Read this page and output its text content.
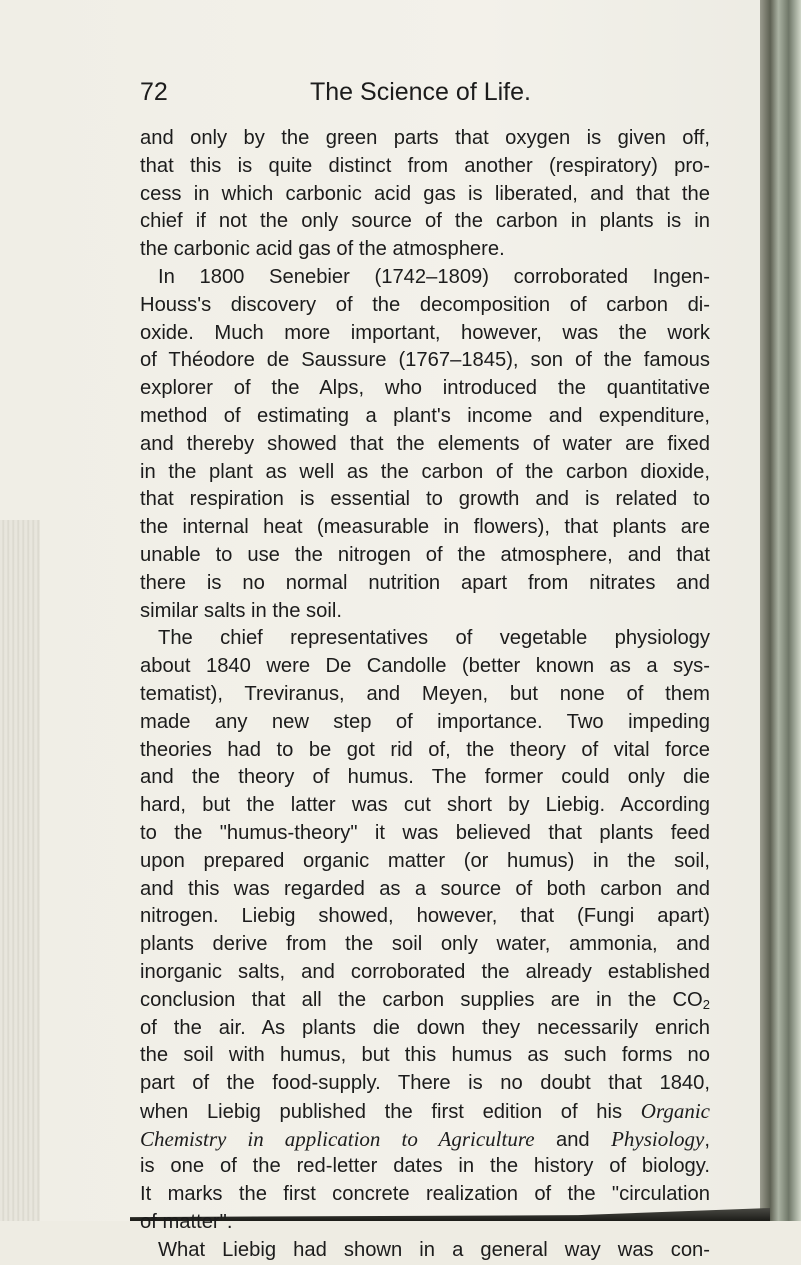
72	The Science of Life.
and only by the green parts that oxygen is given off,
that this is quite distinct from another (respiratory) pro-
cess in which carbonic acid gas is liberated, and that the
chief if not the only source of the carbon in plants is in
the carbonic acid gas of the atmosphere.
In 1800 Senebier (1742–1809) corroborated Ingen-
Houss's discovery of the decomposition of carbon di-
oxide. Much more important, however, was the work
of Théodore de Saussure (1767–1845), son of the famous
explorer of the Alps, who introduced the quantitative
method of estimating a plant's income and expenditure,
and thereby showed that the elements of water are fixed
in the plant as well as the carbon of the carbon dioxide,
that respiration is essential to growth and is related to
the internal heat (measurable in flowers), that plants are
unable to use the nitrogen of the atmosphere, and that
there is no normal nutrition apart from nitrates and
similar salts in the soil.
The chief representatives of vegetable physiology
about 1840 were De Candolle (better known as a sys-
tematist), Treviranus, and Meyen, but none of them
made any new step of importance. Two impeding
theories had to be got rid of, the theory of vital force
and the theory of humus. The former could only die
hard, but the latter was cut short by Liebig. According
to the "humus-theory" it was believed that plants feed
upon prepared organic matter (or humus) in the soil,
and this was regarded as a source of both carbon and
nitrogen. Liebig showed, however, that (Fungi apart)
plants derive from the soil only water, ammonia, and
inorganic salts, and corroborated the already established
conclusion that all the carbon supplies are in the $CO_2$
of the air. As plants die down they necessarily enrich
the soil with humus, but this humus as such forms no
part of the food-supply. There is no doubt that 1840,
when Liebig published the first edition of his Organic
Chemistry in application to Agriculture and Physiology,
is one of the red-letter dates in the history of biology.
It marks the first concrete realization of the "circulation
of matter".
What Liebig had shown in a general way was con-
